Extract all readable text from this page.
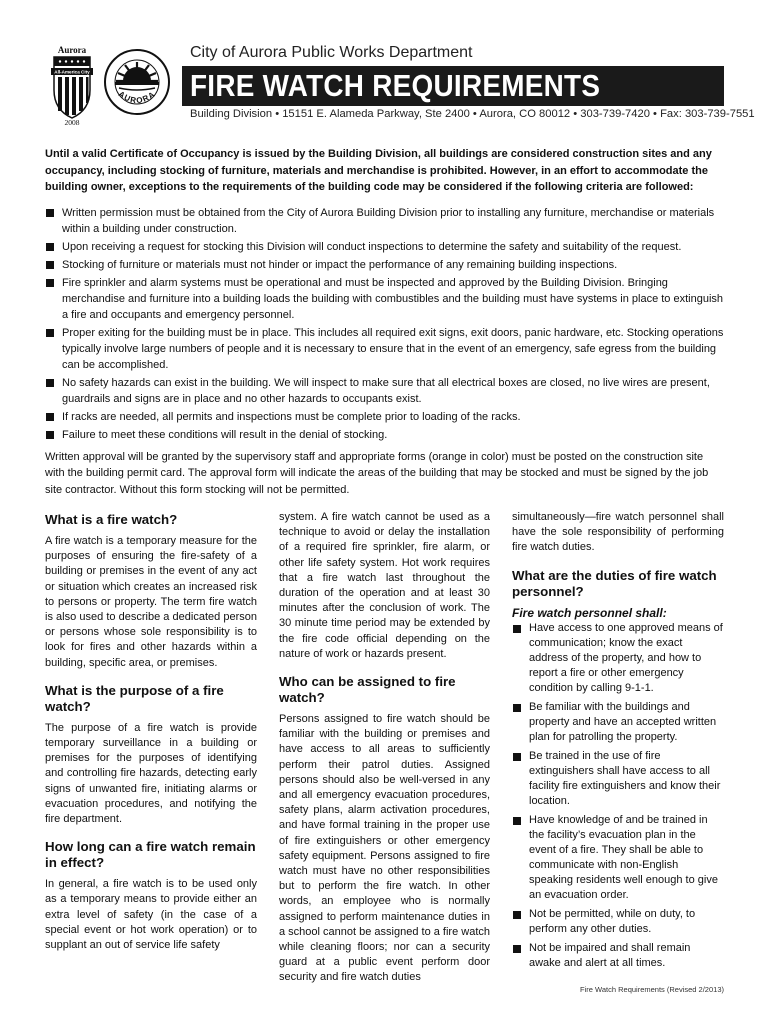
Aurora
All-America City
2008
AURORA
City of Aurora Public Works Department
FIRE WATCH REQUIREMENTS
Building Division • 15151 E. Alameda Parkway, Ste 2400 • Aurora, CO 80012 • 303-739-7420 • Fax: 303-739-7551

Until a valid Certificate of Occupancy is issued by the Building Division, all buildings are considered construction sites and any occupancy, including stocking of furniture, materials and merchandise is prohibited. However, in an effort to accommodate the building owner, exceptions to the requirements of the building code may be considered if the following criteria are followed:

Written permission must be obtained from the City of Aurora Building Division prior to installing any furniture, merchandise or materials within a building under construction.
Upon receiving a request for stocking this Division will conduct inspections to determine the safety and suitability of the request.
Stocking of furniture or materials must not hinder or impact the performance of any remaining building inspections.
Fire sprinkler and alarm systems must be operational and must be inspected and approved by the Building Division. Bringing merchandise and furniture into a building loads the building with combustibles and the building must have systems in place to extinguish a fire and occupants and emergency personnel.
Proper exiting for the building must be in place. This includes all required exit signs, exit doors, panic hardware, etc. Stocking operations typically involve large numbers of people and it is necessary to ensure that in the event of an emergency, safe egress from the building can be accomplished.
No safety hazards can exist in the building. We will inspect to make sure that all electrical boxes are closed, no live wires are present, guardrails and signs are in place and no other hazards to occupants exist.
If racks are needed, all permits and inspections must be complete prior to loading of the racks.
Failure to meet these conditions will result in the denial of stocking.

Written approval will be granted by the supervisory staff and appropriate forms (orange in color) must be posted on the construction site with the building permit card. The approval form will indicate the areas of the building that may be stocked and must be signed by the job site contractor. Without this form stocking will not be permitted.

What is a fire watch?

A fire watch is a temporary measure for the purposes of ensuring the fire-safety of a building or premises in the event of any act or situation which creates an increased risk to persons or property. The term fire watch is also used to describe a dedicated person or persons whose sole responsibility is to look for fires and other hazards within a building, specific area, or premises.

What is the purpose of a fire watch?

The purpose of a fire watch is provide temporary surveillance in a building or premises for the purposes of identifying and controlling fire hazards, detecting early signs of unwanted fire, initiating alarms or evacuation procedures, and notifying the fire department.

How long can a fire watch remain in effect?

In general, a fire watch is to be used only as a temporary means to provide either an extra level of safety (in the case of a special event or hot work operation) or to supplant an out of service life safety

system. A fire watch cannot be used as a technique to avoid or delay the installation of a required fire sprinkler, fire alarm, or other life safety system. Hot work requires that a fire watch last throughout the duration of the operation and at least 30 minutes after the conclusion of work. The 30 minute time period may be extended by the fire code official depending on the nature of work or hazards present.

Who can be assigned to fire watch?

Persons assigned to fire watch should be familiar with the building or premises and have access to all areas to sufficiently perform their patrol duties. Assigned persons should also be well-versed in any and all emergency evacuation procedures, safety plans, alarm activation procedures, and have formal training in the proper use of fire extinguishers or other emergency safety equipment. Persons assigned to fire watch must have no other responsibilities but to perform the fire watch. In other words, an employee who is normally assigned to perform maintenance duties in a school cannot be assigned to a fire watch while cleaning floors; nor can a security guard at a public event perform door security and fire watch duties

simultaneously—fire watch personnel shall have the sole responsibility of performing fire watch duties.

What are the duties of fire watch personnel?

Fire watch personnel shall:

Have access to one approved means of communication; know the exact address of the property, and how to report a fire or other emergency condition by calling 9-1-1.
Be familiar with the buildings and property and have an accepted written plan for patrolling the property.
Be trained in the use of fire extinguishers shall have access to all facility fire extinguishers and know their location.
Have knowledge of and be trained in the facility’s evacuation plan in the event of a fire. They shall be able to communicate with non-English speaking residents well enough to give an evacuation order.
Not be permitted, while on duty, to perform any other duties.
Not be impaired and shall remain awake and alert at all times.
Fire Watch Requirements (Revised 2/2013)
